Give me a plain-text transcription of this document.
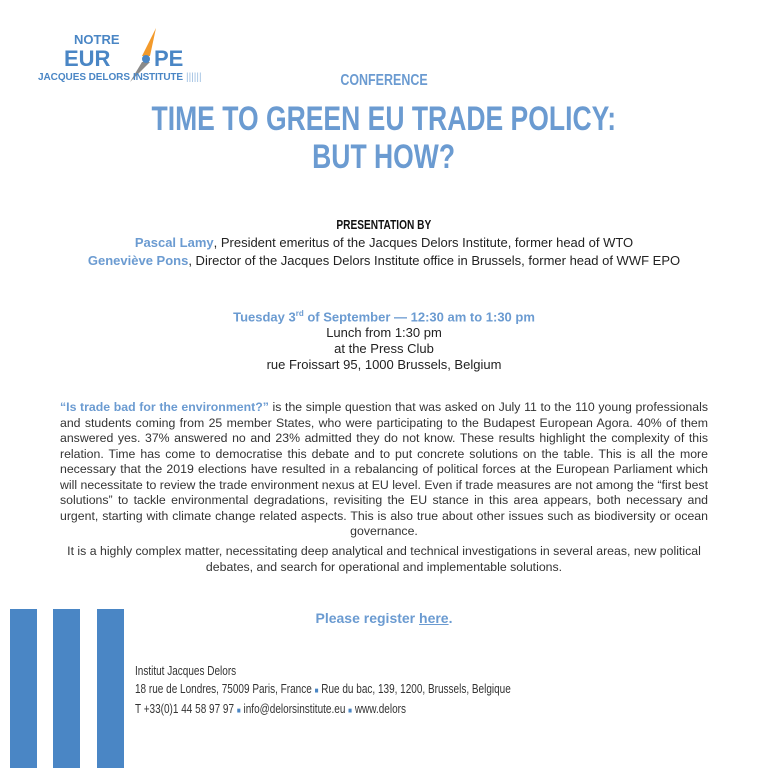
NOTRE
EUR PE
JACQUES DELORS INSTITUTE ||||||	CONFERENCE
TIME TO GREEN EU TRADE POLICY:
BUT HOW?
PRESENTATION BY
Pascal Lamy, President emeritus of the Jacques Delors Institute, former head of WTO
Geneviève Pons, Director of the Jacques Delors Institute office in Brussels, former head of WWF EPO
Tuesday 3rd of September — 12:30 am to 1:30 pm
Lunch from 1:30 pm
at the Press Club
rue Froissart 95, 1000 Brussels, Belgium
“Is trade bad for the environment?” is the simple question that was asked on July 11 to the 110 young professionals and students coming from 25 member States, who were participating to the Budapest European Agora. 40% of them answered yes. 37% answered no and 23% admitted they do not know. These results highlight the complexity of this relation. Time has come to democratise this debate and to put concrete solutions on the table. This is all the more necessary that the 2019 elections have resulted in a rebalancing of political forces at the European Parliament which will necessitate to review the trade environment nexus at EU level. Even if trade measures are not among the “first best solutions” to tackle environmental degradations, revisiting the EU stance in this area appears, both necessary and urgent, starting with climate change related aspects. This is also true about other issues such as biodiversity or ocean governance.
It is a highly complex matter, necessitating deep analytical and technical investigations in several areas, new political debates, and search for operational and implementable solutions.
Please register here.
Institut Jacques Delors
18 rue de Londres, 75009 Paris, France ■ Rue du bac, 139, 1200, Brussels, Belgique
T +33(0)1 44 58 97 97 ■ info@delorsinstitute.eu ■ www.delors
